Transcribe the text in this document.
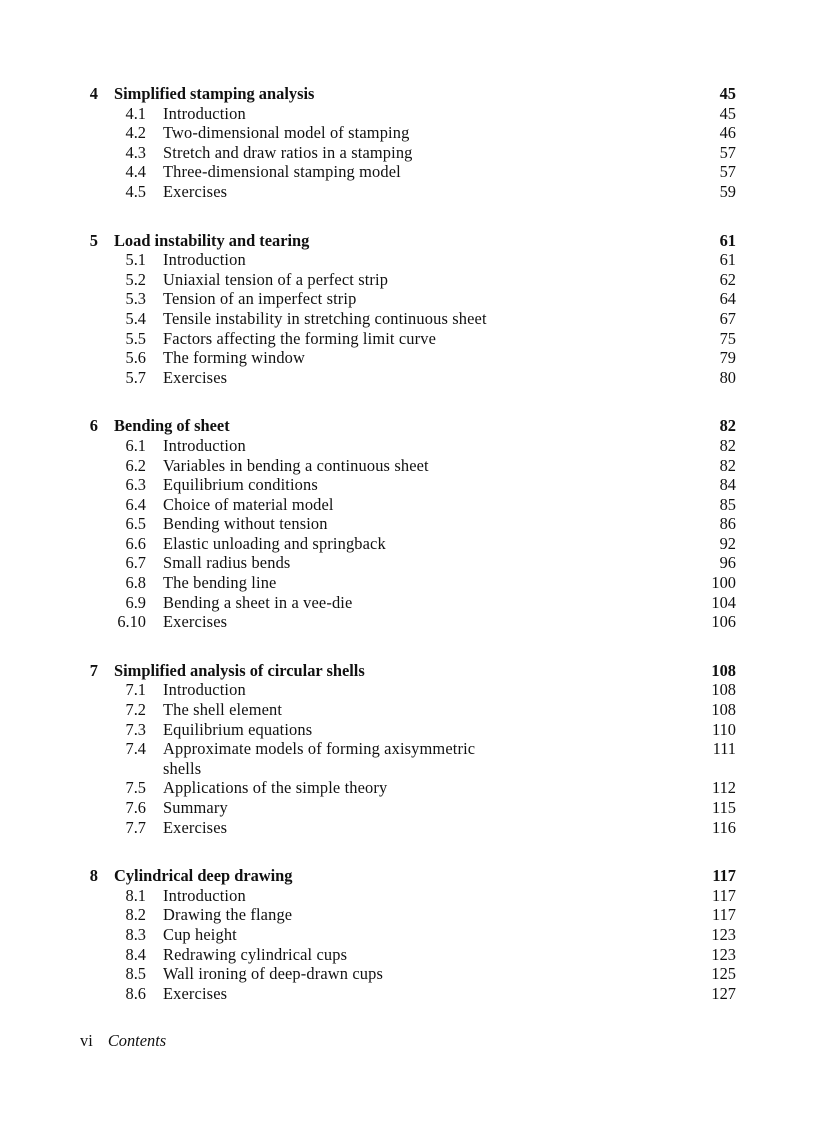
4 Simplified stamping analysis	45
4.1 Introduction	45
4.2 Two-dimensional model of stamping	46
4.3 Stretch and draw ratios in a stamping	57
4.4 Three-dimensional stamping model	57
4.5 Exercises	59
5 Load instability and tearing	61
5.1 Introduction	61
5.2 Uniaxial tension of a perfect strip	62
5.3 Tension of an imperfect strip	64
5.4 Tensile instability in stretching continuous sheet	67
5.5 Factors affecting the forming limit curve	75
5.6 The forming window	79
5.7 Exercises	80
6 Bending of sheet	82
6.1 Introduction	82
6.2 Variables in bending a continuous sheet	82
6.3 Equilibrium conditions	84
6.4 Choice of material model	85
6.5 Bending without tension	86
6.6 Elastic unloading and springback	92
6.7 Small radius bends	96
6.8 The bending line	100
6.9 Bending a sheet in a vee-die	104
6.10 Exercises	106
7 Simplified analysis of circular shells	108
7.1 Introduction	108
7.2 The shell element	108
7.3 Equilibrium equations	110
7.4 Approximate models of forming axisymmetric	111
shells
7.5 Applications of the simple theory	112
7.6 Summary	115
7.7 Exercises	116
8 Cylindrical deep drawing	117
8.1 Introduction	117
8.2 Drawing the flange	117
8.3 Cup height	123
8.4 Redrawing cylindrical cups	123
8.5 Wall ironing of deep-drawn cups	125
8.6 Exercises	127
vi Contents
